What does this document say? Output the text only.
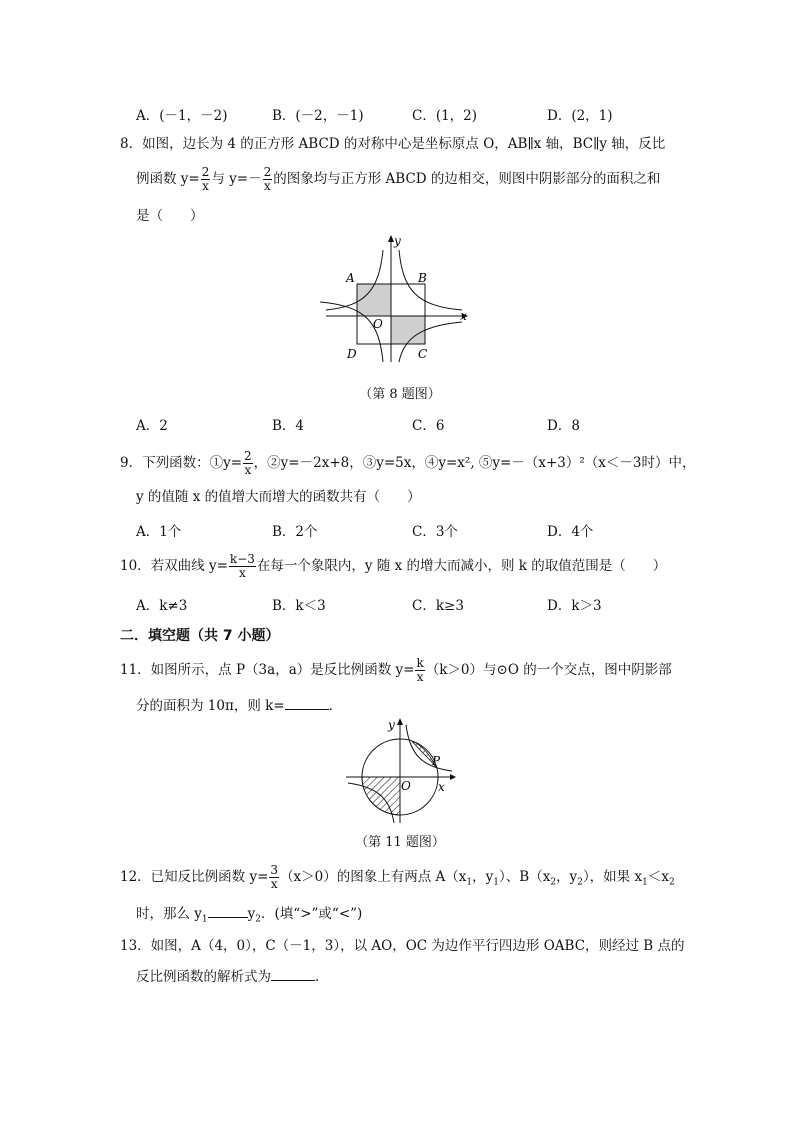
A．(－1，－2)	B．(－2，－1)	C．(1，2)	D．(2，1)
8．如图，边长为 4 的正方形 ABCD 的对称中心是坐标原点 O，AB∥x 轴，BC∥y 轴，反比
例函数 $y= \frac{2}{x}$ 与 $y=- \frac{2}{x}$ 的图象均与正方形 ABCD 的边相交，则图中阴影部分的面积之和
是（　　）
A	B
C
D
O
x
y
（第 8 题图）
A．2	B．4	C．6	D．8
9．下列函数：①y= $\frac{2}{x}$ ，②y=－2x+8，③y=5x，④y=x², ⑤y=－（x+3）²（x＜－3时）中，
y 的值随 x 的值增大而增大的函数共有（　　）
A．1个	B．2个	C．3个	D．4个
10．若双曲线 $y= \frac{k-3}{x}$ 在每一个象限内，y 随 x 的增大而减小，则 k 的取值范围是（　　）
A．k≠3	B．k＜3	C．k≥3	D．k＞3
二．填空题（共 7 小题）
11．如图所示，点 P（3a，a）是反比例函数 $y= \frac{k}{x} (k>0)$与⊙O 的一个交点，图中阴影部
分的面积为 10π，则 k=	．
P
O x
y
（第 11 题图）
12．已知反比例函数 $y= \frac{3}{x} (x>0)$的图象上有两点 $A(x_1$，$y_1$）、$B(x_2$，$y_2$），如果 $x_1<x_2$
时，那么 $y_1$	$y_2$．(填“>”或“<”)
13．如图，A（4，0），C（－1，3），以 AO，OC 为边作平行四边形 OABC，则经过 B 点的
反比例函数的解析式为	．
